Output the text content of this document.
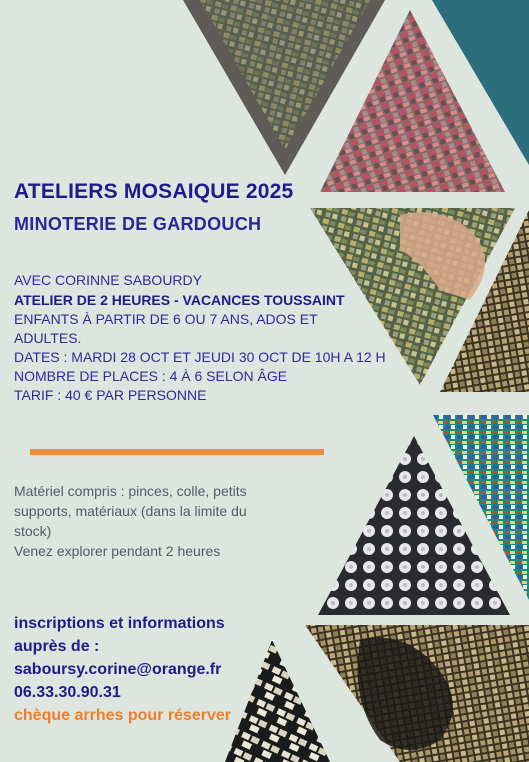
ATELIERS MOSAIQUE 2025
MINOTERIE DE GARDOUCH

AVEC CORINNE SABOURDY

ATELIER DE 2 HEURES - VACANCES TOUSSAINT

ENFANTS À PARTIR DE 6 OU 7 ANS, ADOS ET

ADULTES.

DATES : MARDI 28 OCT ET JEUDI 30 OCT DE 10H A 12 H

NOMBRE DE PLACES : 4 À 6 SELON ÂGE

TARIF : 40 € PAR PERSONNE

Matériel compris : pinces, colle, petits

supports, matériaux (dans la limite du

stock)

Venez explorer pendant 2 heures

inscriptions et informations

auprès de :

saboursy.corine@orange.fr

06.33.30.90.31

chèque arrhes pour réserver
